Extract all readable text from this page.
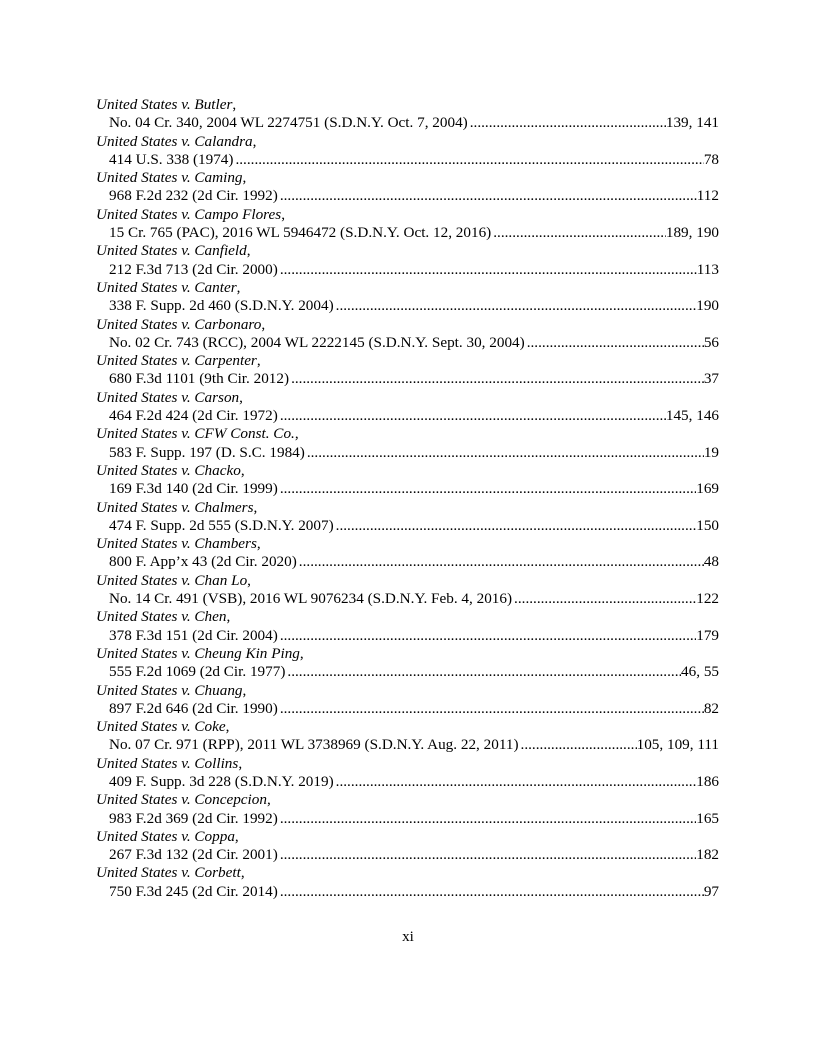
United States v. Butler,
No. 04 Cr. 340, 2004 WL 2274751 (S.D.N.Y. Oct. 7, 2004) .....	139, 141
United States v. Calandra,
414 U.S. 338 (1974) .....	78
United States v. Caming,
968 F.2d 232 (2d Cir. 1992) .....	112
United States v. Campo Flores,
15 Cr. 765 (PAC), 2016 WL 5946472 (S.D.N.Y. Oct. 12, 2016) .....	189, 190
United States v. Canfield,
212 F.3d 713 (2d Cir. 2000) .....	113
United States v. Canter,
338 F. Supp. 2d 460 (S.D.N.Y. 2004) .....	190
United States v. Carbonaro,
No. 02 Cr. 743 (RCC), 2004 WL 2222145 (S.D.N.Y. Sept. 30, 2004) .....	56
United States v. Carpenter,
680 F.3d 1101 (9th Cir. 2012) .....	37
United States v. Carson,
464 F.2d 424 (2d Cir. 1972) .....	145, 146
United States v. CFW Const. Co.,
583 F. Supp. 197 (D. S.C. 1984) .....	19
United States v. Chacko,
169 F.3d 140 (2d Cir. 1999) .....	169
United States v. Chalmers,
474 F. Supp. 2d 555 (S.D.N.Y. 2007) .....	150
United States v. Chambers,
800 F. App’x 43 (2d Cir. 2020) .....	48
United States v. Chan Lo,
No. 14 Cr. 491 (VSB), 2016 WL 9076234 (S.D.N.Y. Feb. 4, 2016) .....	122
United States v. Chen,
378 F.3d 151 (2d Cir. 2004) .....	179
United States v. Cheung Kin Ping,
555 F.2d 1069 (2d Cir. 1977) .....	46, 55
United States v. Chuang,
897 F.2d 646 (2d Cir. 1990) .....	82
United States v. Coke,
No. 07 Cr. 971 (RPP), 2011 WL 3738969 (S.D.N.Y. Aug. 22, 2011) .....	105, 109, 111
United States v. Collins,
409 F. Supp. 3d 228 (S.D.N.Y. 2019) .....	186
United States v. Concepcion,
983 F.2d 369 (2d Cir. 1992) .....	165
United States v. Coppa,
267 F.3d 132 (2d Cir. 2001) .....	182
United States v. Corbett,
750 F.3d 245 (2d Cir. 2014) .....	97
xi
